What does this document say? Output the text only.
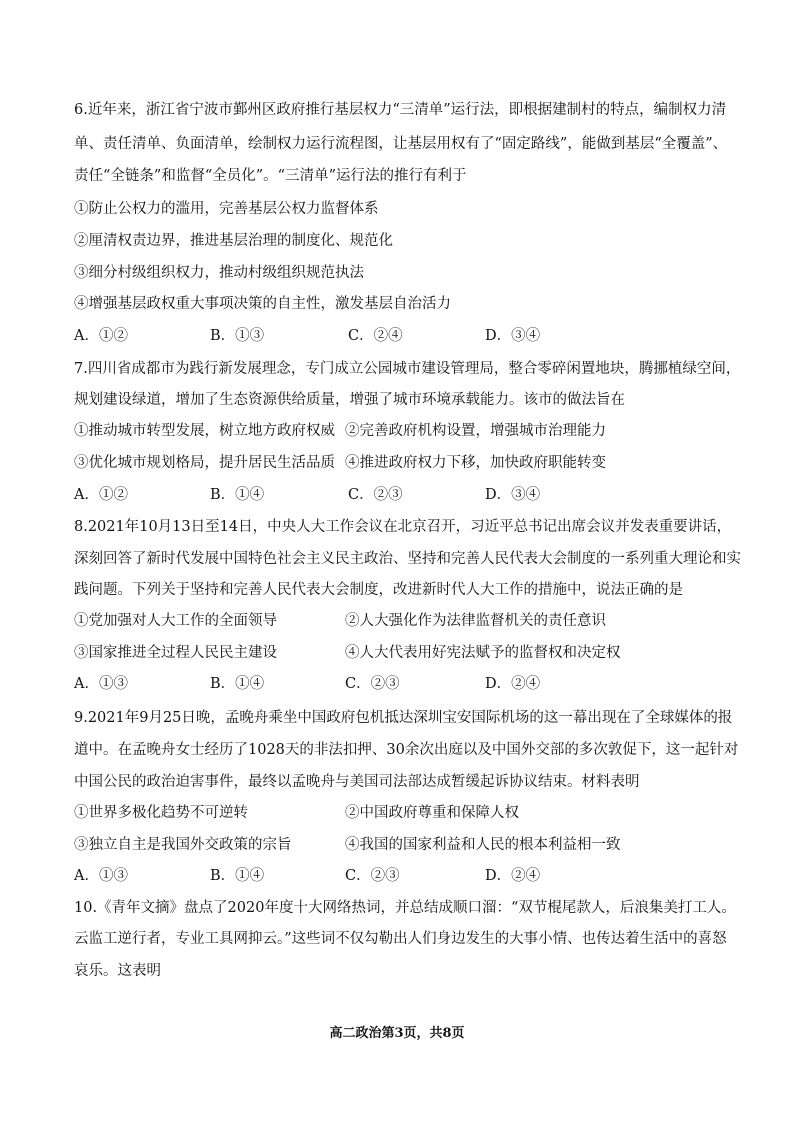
6.近年来，浙江省宁波市鄞州区政府推行基层权力“三清单”运行法，即根据建制村的特点，编制权力清
单、责任清单、负面清单，绘制权力运行流程图，让基层用权有了“固定路线”，能做到基层“全覆盖”、
责任“全链条”和监督“全员化”。“三清单”运行法的推行有利于
①防止公权力的滥用，完善基层公权力监督体系
②厘清权责边界，推进基层治理的制度化、规范化
③细分村级组织权力，推动村级组织规范执法
④增强基层政权重大事项决策的自主性，激发基层自治活力
A．①②	B．①③	C．②④	D．③④
7.四川省成都市为践行新发展理念，专门成立公园城市建设管理局，整合零碎闲置地块，腾挪植绿空间，
规划建设绿道，增加了生态资源供给质量，增强了城市环境承载能力。该市的做法旨在
①推动城市转型发展，树立地方政府权威 ②完善政府机构设置，增强城市治理能力
③优化城市规划格局，提升居民生活品质 ④推进政府权力下移，加快政府职能转变
A．①②	B．①④	C．②③	D．③④
8.2021年10月13日至14日，中央人大工作会议在北京召开，习近平总书记出席会议并发表重要讲话，
深刻回答了新时代发展中国特色社会主义民主政治、坚持和完善人民代表大会制度的一系列重大理论和实
践问题。下列关于坚持和完善人民代表大会制度，改进新时代人大工作的措施中，说法正确的是
①党加强对人大工作的全面领导	②人大强化作为法律监督机关的责任意识
③国家推进全过程人民民主建设	④人大代表用好宪法赋予的监督权和决定权
A．①③	B．①④	C．②③	D．②④
9.2021年9月25日晚，孟晚舟乘坐中国政府包机抵达深圳宝安国际机场的这一幕出现在了全球媒体的报
道中。在孟晚舟女士经历了1028天的非法扣押、30余次出庭以及中国外交部的多次敦促下，这一起针对
中国公民的政治迫害事件，最终以孟晚舟与美国司法部达成暂缓起诉协议结束。材料表明
①世界多极化趋势不可逆转	②中国政府尊重和保障人权
③独立自主是我国外交政策的宗旨	④我国的国家利益和人民的根本利益相一致
A．①③	B．①④	C．②③	D．②④
10.《青年文摘》盘点了2020年度十大网络热词，并总结成顺口溜：“双节棍尾款人，后浪集美打工人。
云监工逆行者，专业工具网抑云。”这些词不仅勾勒出人们身边发生的大事小情、也传达着生活中的喜怒
哀乐。这表明
高二政治第3页，共8页
